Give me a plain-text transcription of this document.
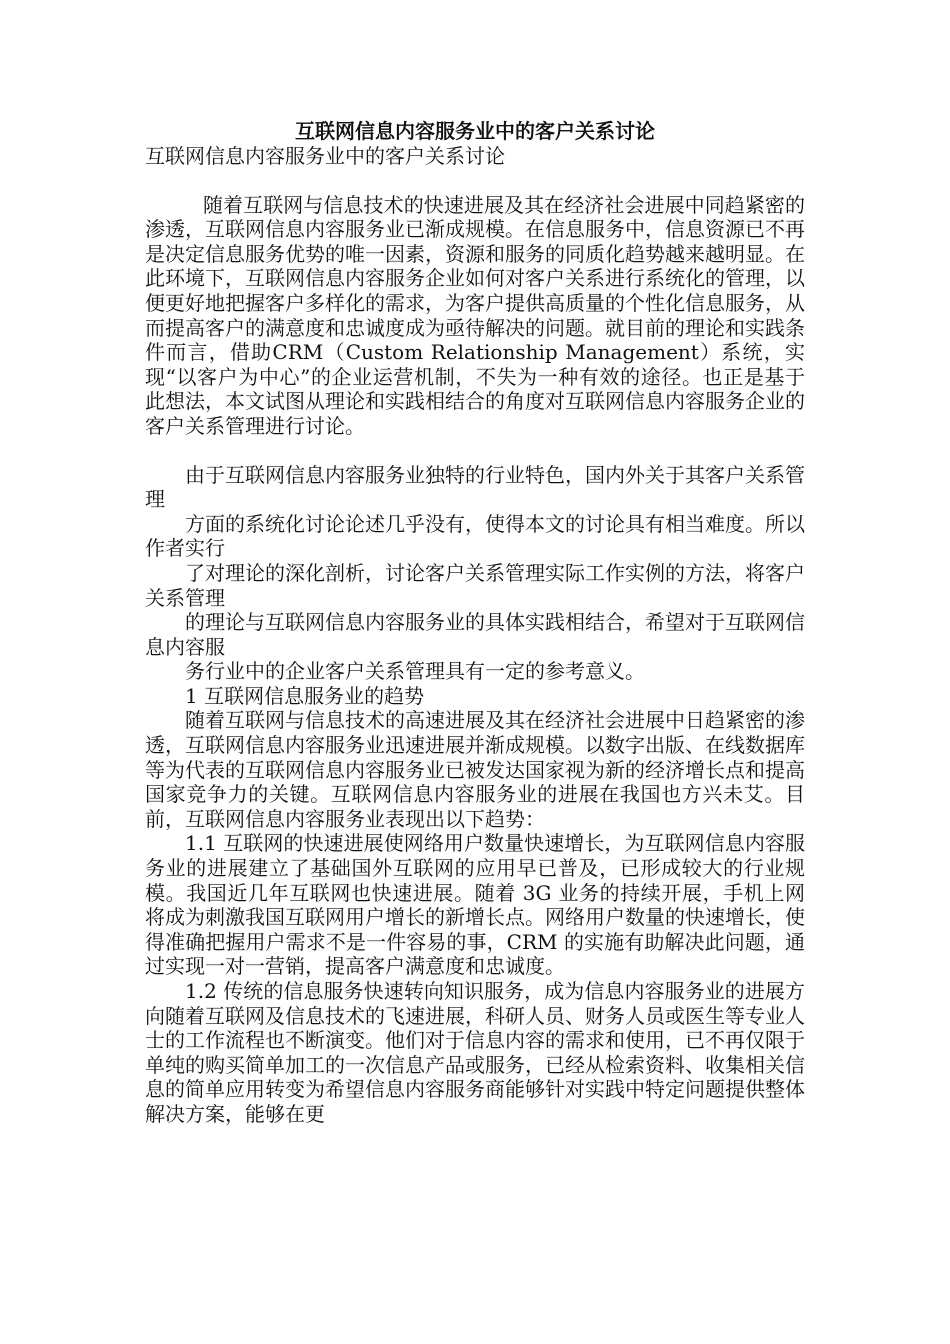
互联网信息内容服务业中的客户关系讨论

互联网信息内容服务业中的客户关系讨论

随着互联网与信息技术的快速进展及其在经济社会进展中同趋紧密的渗透，互联网信息内容服务业已渐成规模。在信息服务中，信息资源已不再是决定信息服务优势的唯一因素，资源和服务的同质化趋势越来越明显。在此环境下，互联网信息内容服务企业如何对客户关系进行系统化的管理，以便更好地把握客户多样化的需求，为客户提供高质量的个性化信息服务，从而提高客户的满意度和忠诚度成为亟待解决的问题。就目前的理论和实践条件而言，借助CRM（Custom Relationship Management）系统，实现“以客户为中心”的企业运营机制，不失为一种有效的途径。也正是基于此想法，本文试图从理论和实践相结合的角度对互联网信息内容服务企业的客户关系管理进行讨论。

由于互联网信息内容服务业独特的行业特色，国内外关于其客户关系管理

方面的系统化讨论论述几乎没有，使得本文的讨论具有相当难度。所以作者实行

了对理论的深化剖析，讨论客户关系管理实际工作实例的方法，将客户关系管理

的理论与互联网信息内容服务业的具体实践相结合，希望对于互联网信息内容服

务行业中的企业客户关系管理具有一定的参考意义。

1 互联网信息服务业的趋势

随着互联网与信息技术的高速进展及其在经济社会进展中日趋紧密的渗透，互联网信息内容服务业迅速进展并渐成规模。以数字出版、在线数据库等为代表的互联网信息内容服务业已被发达国家视为新的经济增长点和提高国家竞争力的关键。互联网信息内容服务业的进展在我国也方兴未艾。目前，互联网信息内容服务业表现出以下趋势：

1.1 互联网的快速进展使网络用户数量快速增长，为互联网信息内容服务业的进展建立了基础国外互联网的应用早已普及，已形成较大的行业规模。我国近几年互联网也快速进展。随着 3G 业务的持续开展，手机上网将成为刺激我国互联网用户增长的新增长点。网络用户数量的快速增长，使得准确把握用户需求不是一件容易的事，CRM 的实施有助解决此问题，通过实现一对一营销，提高客户满意度和忠诚度。

1.2 传统的信息服务快速转向知识服务，成为信息内容服务业的进展方向随着互联网及信息技术的飞速进展，科研人员、财务人员或医生等专业人士的工作流程也不断演变。他们对于信息内容的需求和使用，已不再仅限于单纯的购买简单加工的一次信息产品或服务，已经从检索资料、收集相关信息的简单应用转变为希望信息内容服务商能够针对实践中特定问题提供整体解决方案，能够在更
